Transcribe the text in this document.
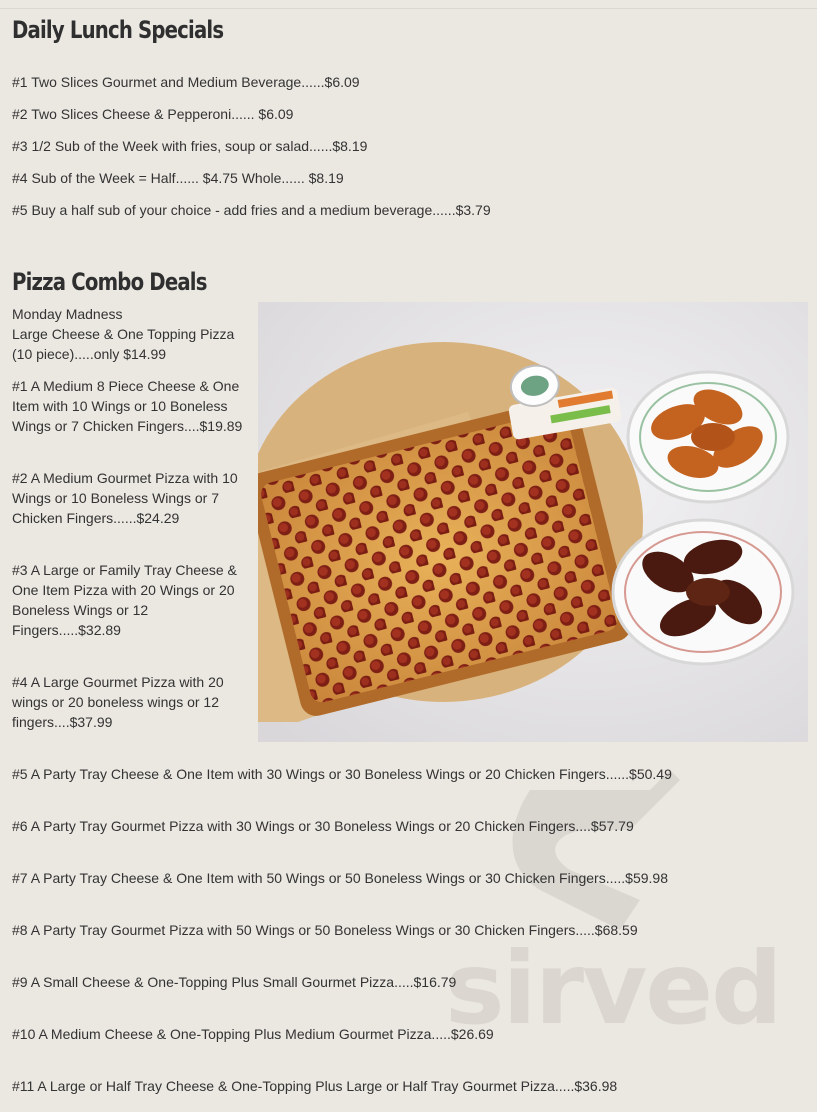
Daily Lunch Specials
#1 Two Slices Gourmet and Medium Beverage......$6.09
#2 Two Slices Cheese & Pepperoni...... $6.09
#3 1/2 Sub of the Week with fries, soup or salad......$8.19
#4 Sub of the Week = Half...... $4.75 Whole...... $8.19
#5 Buy a half sub of your choice - add fries and a medium beverage......$3.79
Pizza Combo Deals
Monday Madness
Large Cheese & One Topping Pizza (10 piece).....only $14.99
#1 A Medium 8 Piece Cheese & One Item with 10 Wings or 10 Boneless Wings or 7 Chicken Fingers....$19.89
#2 A Medium Gourmet Pizza with 10 Wings or 10 Boneless Wings or 7 Chicken Fingers......$24.29
#3 A Large or Family Tray Cheese & One Item Pizza with 20 Wings or 20 Boneless Wings or 12 Fingers.....$32.89
#4 A Large Gourmet Pizza with 20 wings or 20 boneless wings or 12 fingers....$37.99
sirved
#5 A Party Tray Cheese & One Item with 30 Wings or 30 Boneless Wings or 20 Chicken Fingers......$50.49
#6 A Party Tray Gourmet Pizza with 30 Wings or 30 Boneless Wings or 20 Chicken Fingers....$57.79
#7 A Party Tray Cheese & One Item with 50 Wings or 50 Boneless Wings or 30 Chicken Fingers.....$59.98
#8 A Party Tray Gourmet Pizza with 50 Wings or 50 Boneless Wings or 30 Chicken Fingers.....$68.59
#9 A Small Cheese & One-Topping Plus Small Gourmet Pizza.....$16.79
#10 A Medium Cheese & One-Topping Plus Medium Gourmet Pizza.....$26.69
#11 A Large or Half Tray Cheese & One-Topping Plus Large or Half Tray Gourmet Pizza.....$36.98
